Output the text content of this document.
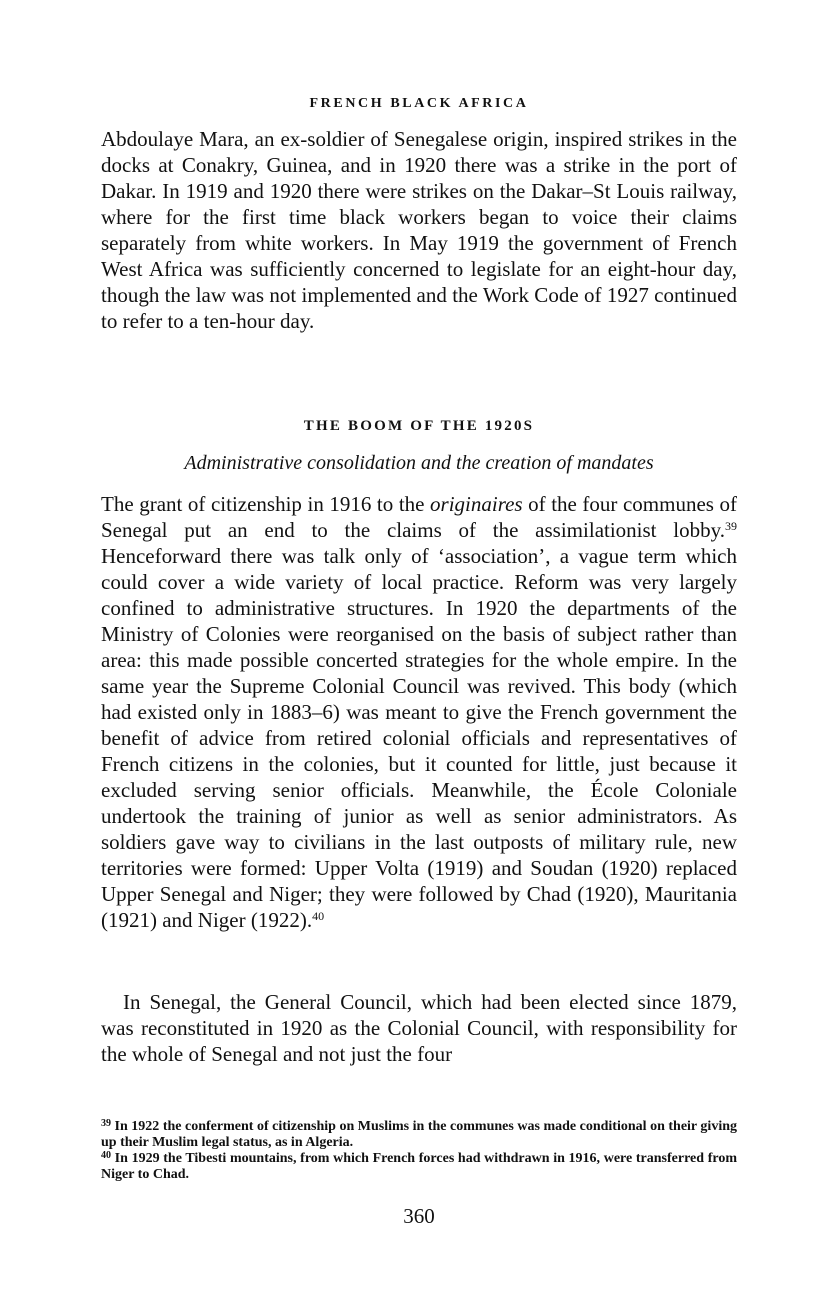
FRENCH BLACK AFRICA

Abdoulaye Mara, an ex-soldier of Senegalese origin, inspired strikes in the docks at Conakry, Guinea, and in 1920 there was a strike in the port of Dakar. In 1919 and 1920 there were strikes on the Dakar–St Louis railway, where for the first time black workers began to voice their claims separately from white workers. In May 1919 the government of French West Africa was sufficiently concerned to legislate for an eight-hour day, though the law was not implemented and the Work Code of 1927 continued to refer to a ten-hour day.

THE BOOM OF THE 1920S
Administrative consolidation and the creation of mandates

The grant of citizenship in 1916 to the originaires of the four communes of Senegal put an end to the claims of the assimilationist lobby.$^{39}$ Henceforward there was talk only of ‘association’, a vague term which could cover a wide variety of local practice. Reform was very largely confined to administrative structures. In 1920 the departments of the Ministry of Colonies were reorganised on the basis of subject rather than area: this made possible concerted strategies for the whole empire. In the same year the Supreme Colonial Council was revived. This body (which had existed only in 1883–6) was meant to give the French government the benefit of advice from retired colonial officials and representatives of French citizens in the colonies, but it counted for little, just because it excluded serving senior officials. Meanwhile, the École Coloniale undertook the training of junior as well as senior administrators. As soldiers gave way to civilians in the last outposts of military rule, new territories were formed: Upper Volta (1919) and Soudan (1920) replaced Upper Senegal and Niger; they were followed by Chad (1920), Mauritania (1921) and Niger (1922).$^{40}$

In Senegal, the General Council, which had been elected since 1879, was reconstituted in 1920 as the Colonial Council, with responsibility for the whole of Senegal and not just the four

$^{39}$ In 1922 the conferment of citizenship on Muslims in the communes was made conditional on their giving up their Muslim legal status, as in Algeria.

$^{40}$ In 1929 the Tibesti mountains, from which French forces had withdrawn in 1916, were transferred from Niger to Chad.

360
